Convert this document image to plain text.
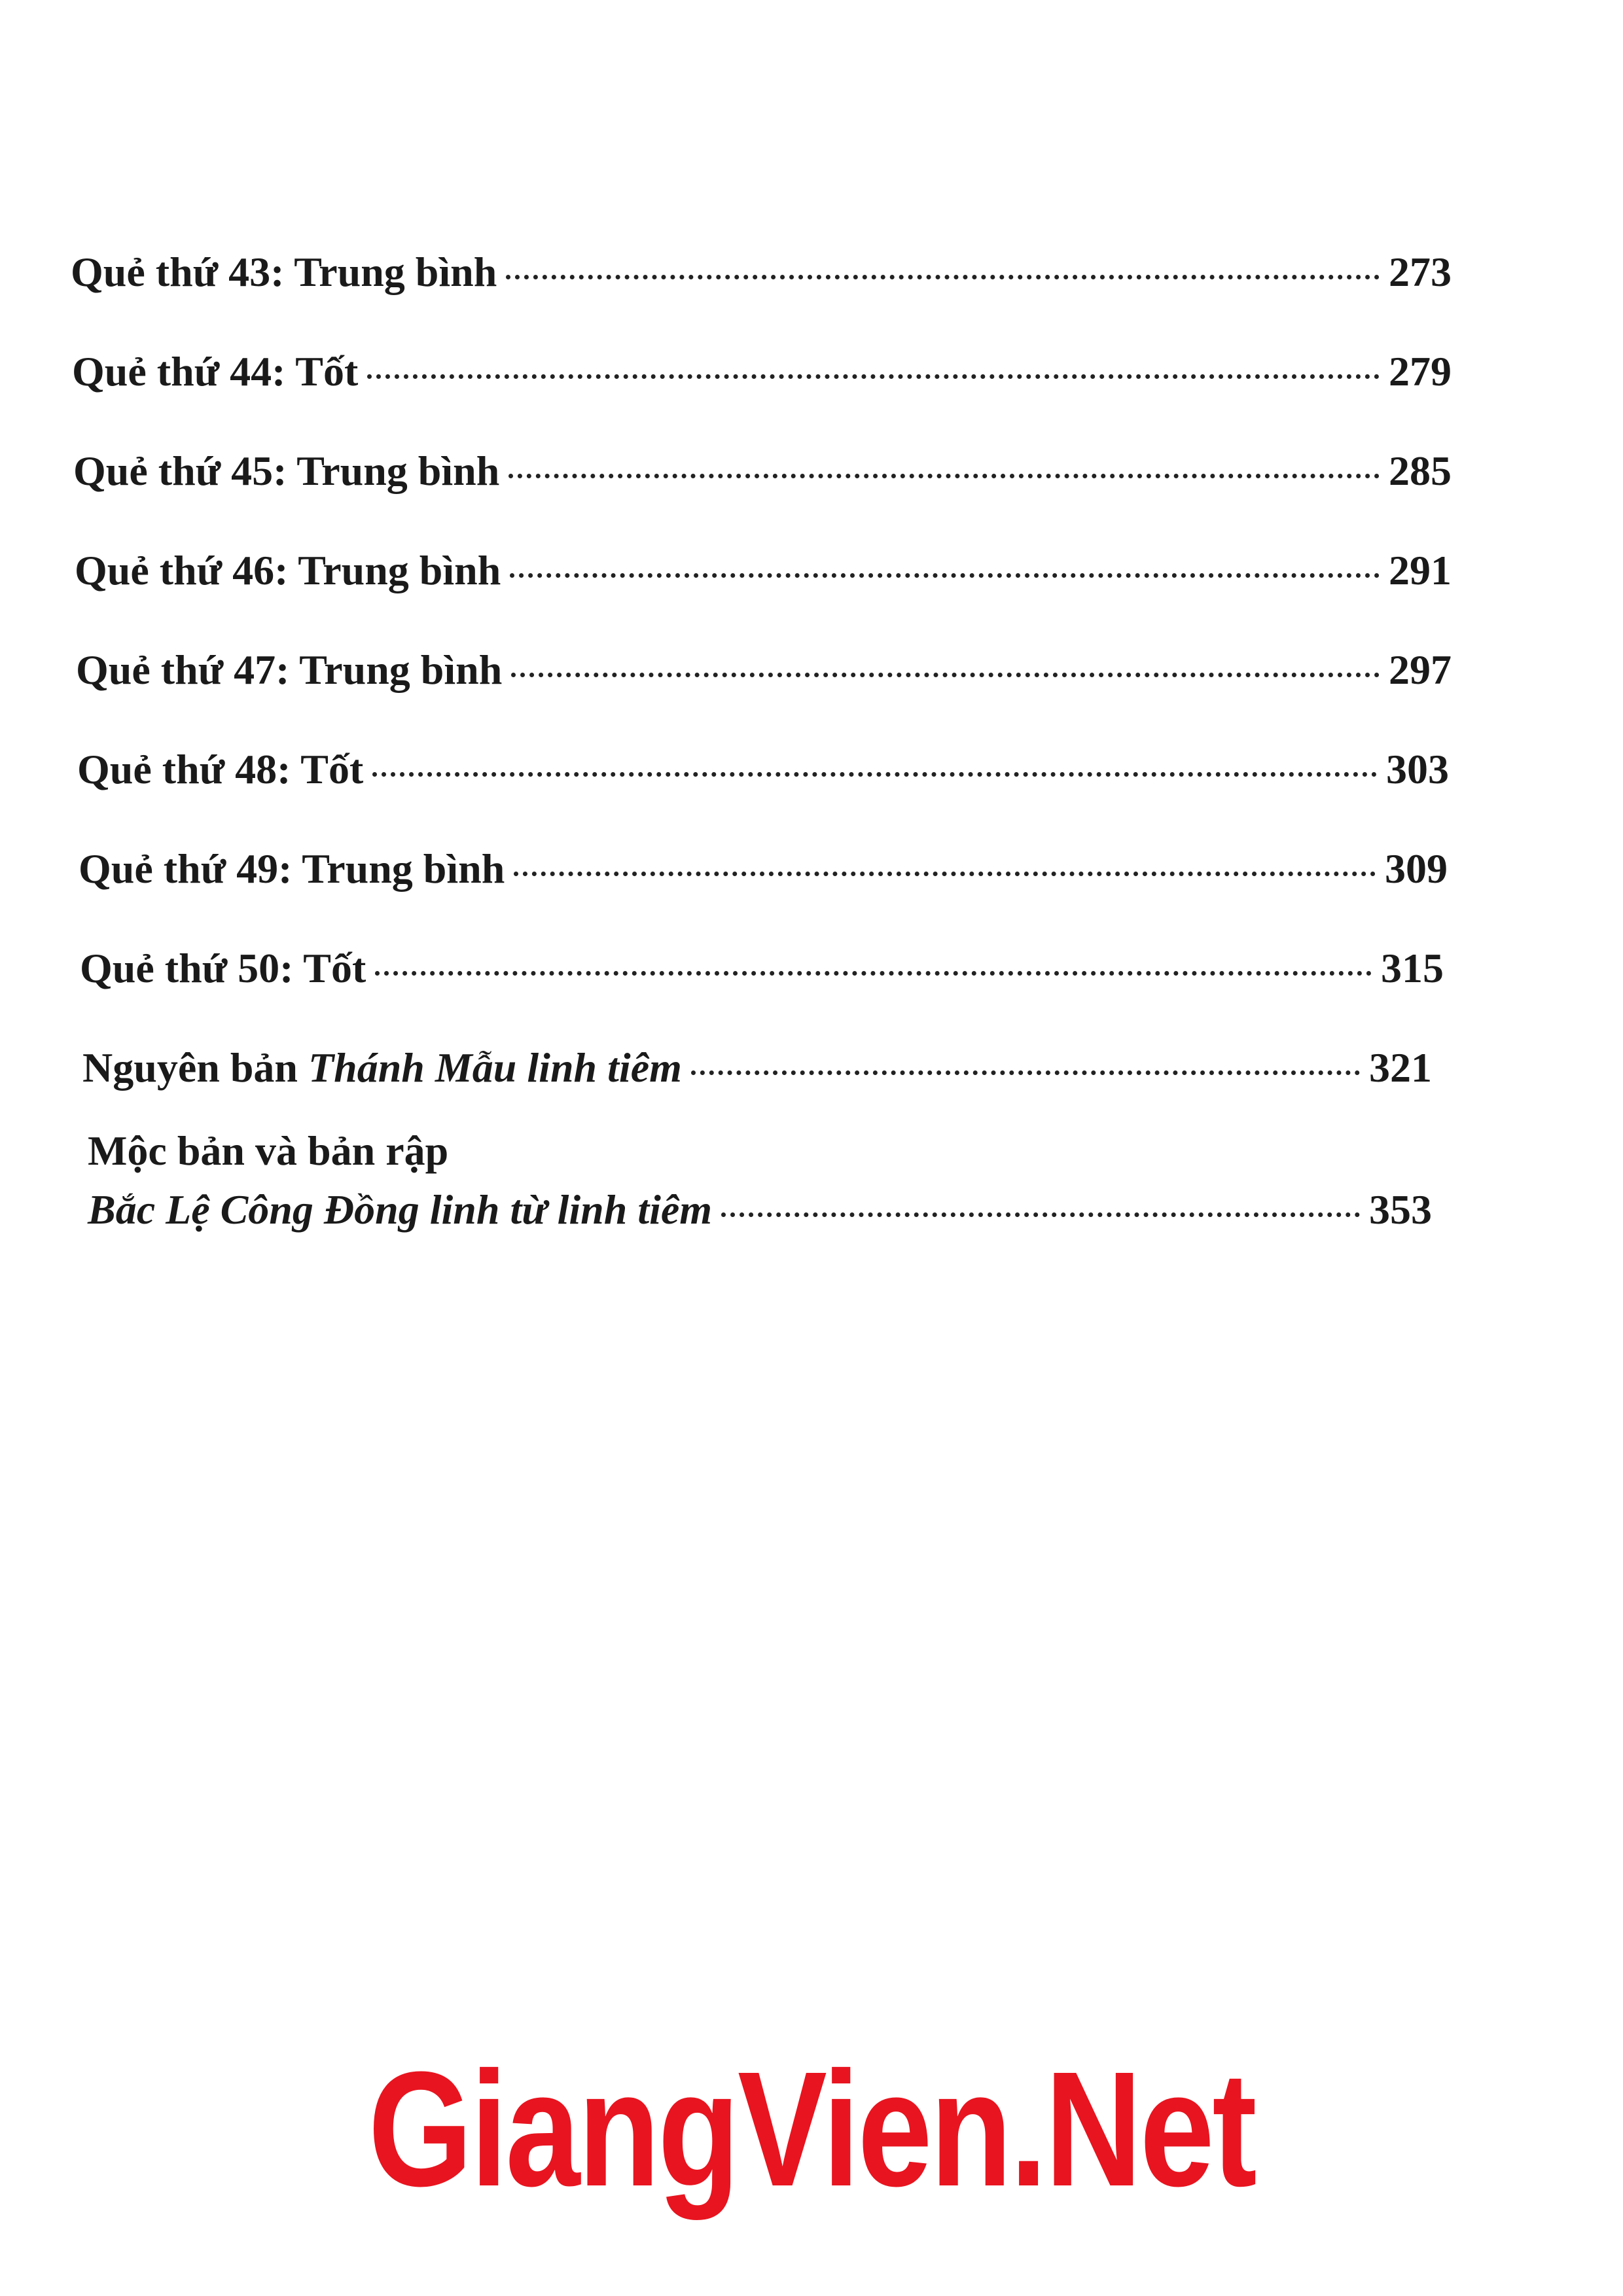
Quẻ thứ 43: Trung bình	273
Quẻ thứ 44: Tốt	279
Quẻ thứ 45: Trung bình	285
Quẻ thứ 46: Trung bình	291
Quẻ thứ 47: Trung bình	297
Quẻ thứ 48: Tốt	303
Quẻ thứ 49: Trung bình	309
Quẻ thứ 50: Tốt	315
Nguyên bản Thánh Mẫu linh tiêm	321
Mộc bản và bản rập
Bắc Lệ Công Đồng linh từ linh tiêm	353
GiangVien.Net
